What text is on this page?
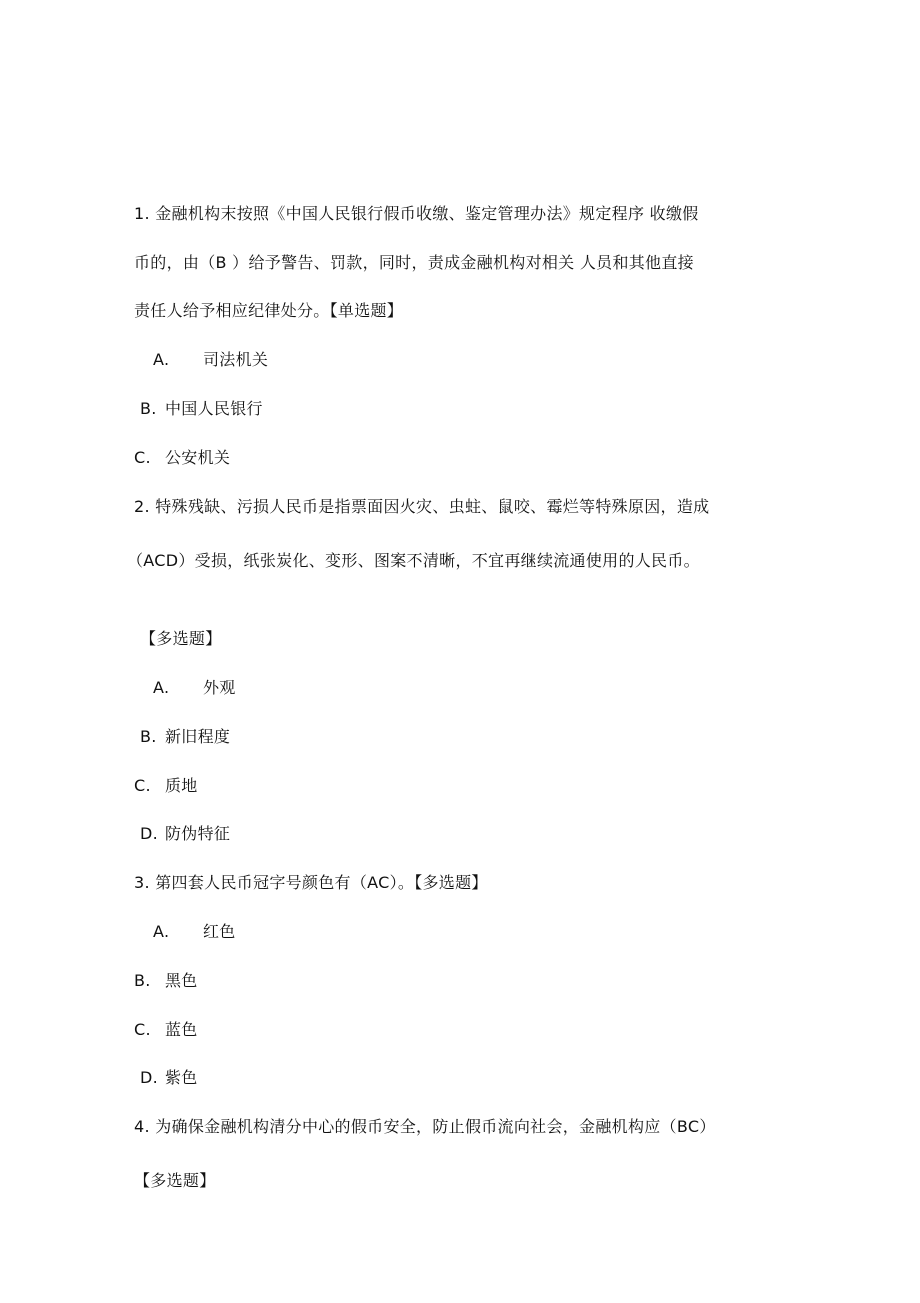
1. 金融机构末按照《中国人民银行假币收缴、鉴定管理办法》规定程序 收缴假
币的，由（B ）给予警告、罚款，同时，责成金融机构对相关 人员和其他直接
责任人给予相应纪律处分。【单选题】
A. 司法机关
B. 中国人民银行
C. 公安机关
2. 特殊残缺、污损人民币是指票面因火灾、虫蛀、鼠咬、霉烂等特殊原因，造成
（ACD）受损，纸张炭化、变形、图案不清晰，不宜再继续流通使用的人民币。
【多选题】
A. 外观
B. 新旧程度
C. 质地
D. 防伪特征
3. 第四套人民币冠字号颜色有（AC）。【多选题】
A. 红色
B. 黑色
C. 蓝色
D. 紫色
4. 为确保金融机构清分中心的假币安全，防止假币流向社会，金融机构应（BC）
【多选题】
